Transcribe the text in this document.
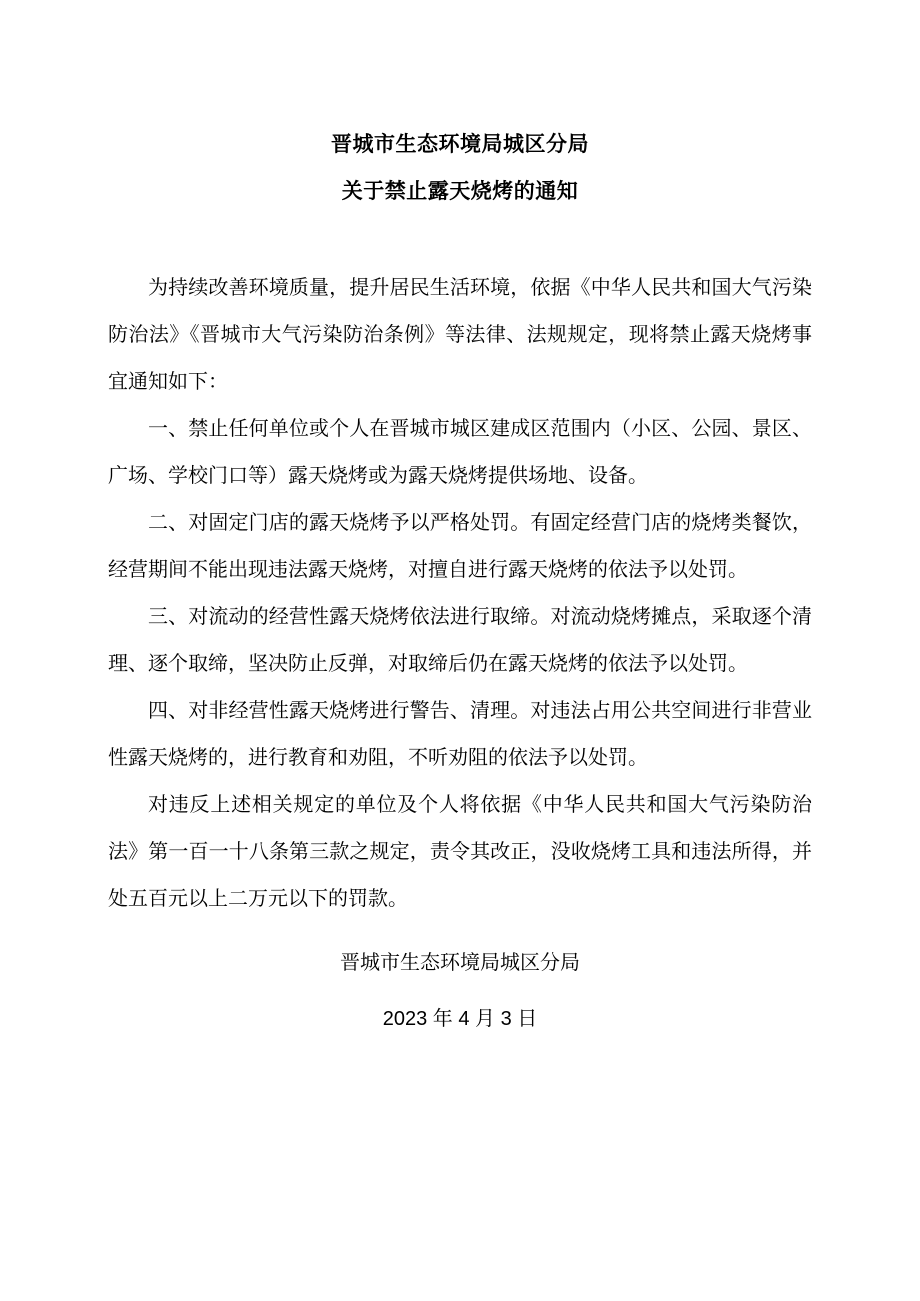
晋城市生态环境局城区分局
关于禁止露天烧烤的通知

为持续改善环境质量，提升居民生活环境，依据《中华人民共和国大气污染防治法》《晋城市大气污染防治条例》等法律、法规规定，现将禁止露天烧烤事宜通知如下：

一、禁止任何单位或个人在晋城市城区建成区范围内（小区、公园、景区、广场、学校门口等）露天烧烤或为露天烧烤提供场地、设备。

二、对固定门店的露天烧烤予以严格处罚。有固定经营门店的烧烤类餐饮，经营期间不能出现违法露天烧烤，对擅自进行露天烧烤的依法予以处罚。

三、对流动的经营性露天烧烤依法进行取缔。对流动烧烤摊点，采取逐个清理、逐个取缔，坚决防止反弹，对取缔后仍在露天烧烤的依法予以处罚。

四、对非经营性露天烧烤进行警告、清理。对违法占用公共空间进行非营业性露天烧烤的，进行教育和劝阻，不听劝阻的依法予以处罚。

对违反上述相关规定的单位及个人将依据《中华人民共和国大气污染防治法》第一百一十八条第三款之规定，责令其改正，没收烧烤工具和违法所得，并处五百元以上二万元以下的罚款。

晋城市生态环境局城区分局
2023 年 4 月 3 日
